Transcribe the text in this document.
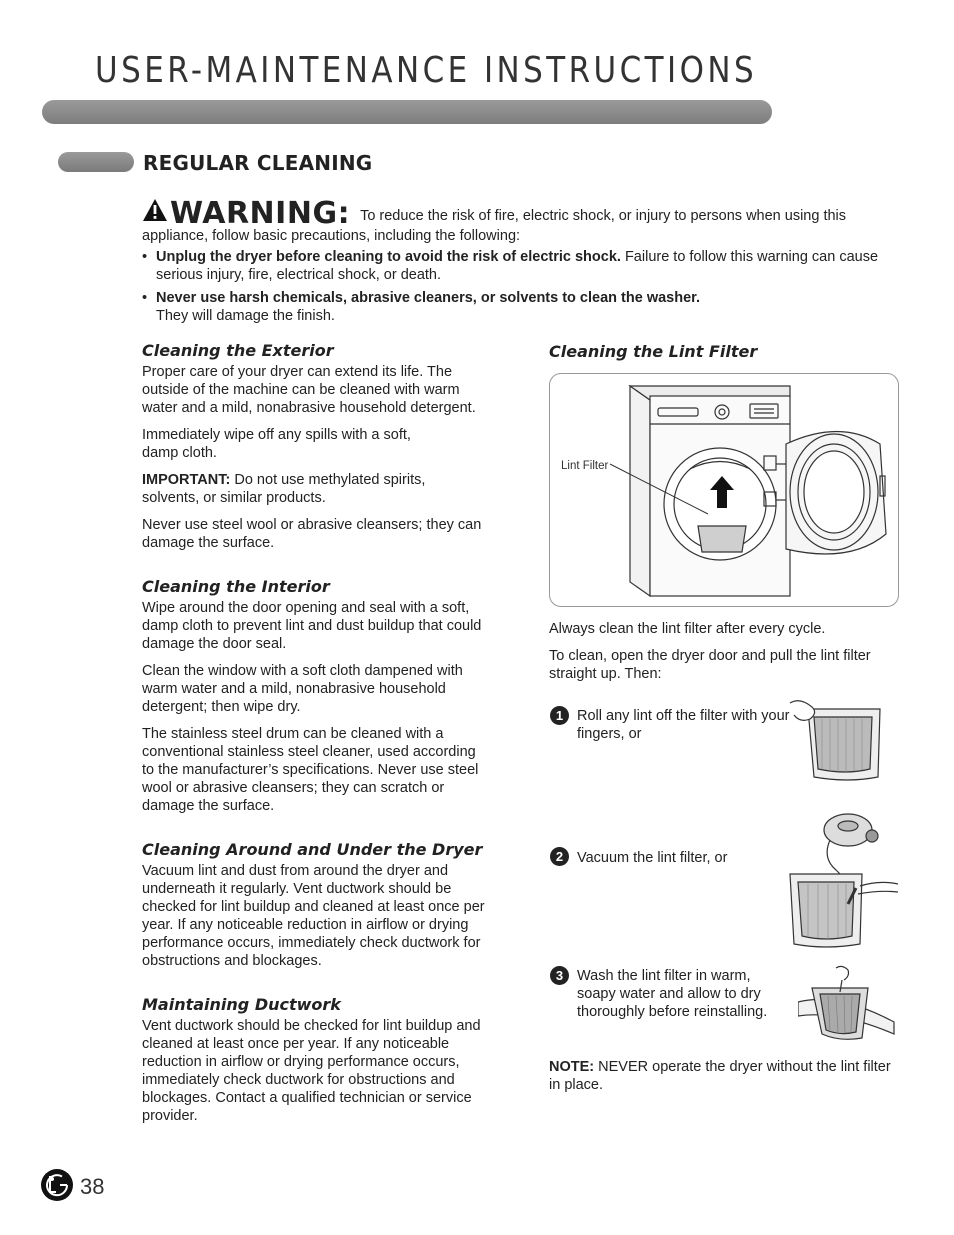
USER-MAINTENANCE INSTRUCTIONS
REGULAR CLEANING
WARNING: To reduce the risk of fire, electric shock, or injury to persons when using this appliance, follow basic precautions, including the following:
• Unplug the dryer before cleaning to avoid the risk of electric shock. Failure to follow this warning can cause serious injury, fire, electrical shock, or death.
• Never use harsh chemicals, abrasive cleaners, or solvents to clean the washer.
They will damage the finish.
Cleaning the Exterior

Proper care of your dryer can extend its life. The outside of the machine can be cleaned with warm water and a mild, nonabrasive household detergent.

Immediately wipe off any spills with a soft, damp cloth.

IMPORTANT: Do not use methylated spirits, solvents, or similar products.

Never use steel wool or abrasive cleansers; they can damage the surface.

Cleaning the Interior

Wipe around the door opening and seal with a soft, damp cloth to prevent lint and dust buildup that could damage the door seal.

Clean the window with a soft cloth dampened with warm water and a mild, nonabrasive household detergent; then wipe dry.

The stainless steel drum can be cleaned with a conventional stainless steel cleaner, used according to the manufacturer’s specifications. Never use steel wool or abrasive cleansers; they can scratch or damage the surface.

Cleaning Around and Under the Dryer

Vacuum lint and dust from around the dryer and underneath it regularly. Vent ductwork should be checked for lint buildup and cleaned at least once per year. If any noticeable reduction in airflow or drying performance occurs, immediately check ductwork for obstructions and blockages.

Maintaining Ductwork

Vent ductwork should be checked for lint buildup and cleaned at least once per year. If any noticeable reduction in airflow or drying performance occurs, immediately check ductwork for obstructions and blockages. Contact a qualified technician or service provider.

Cleaning the Lint Filter
Lint Filter

Always clean the lint filter after every cycle.

To clean, open the dryer door and pull the lint filter straight up. Then:

1 Roll any lint off the filter with your fingers, or
2 Vacuum the lint filter, or
3 Wash the lint filter in warm, soapy water and allow to dry thoroughly before reinstalling.
NOTE: NEVER operate the dryer without the lint filter in place.
38
